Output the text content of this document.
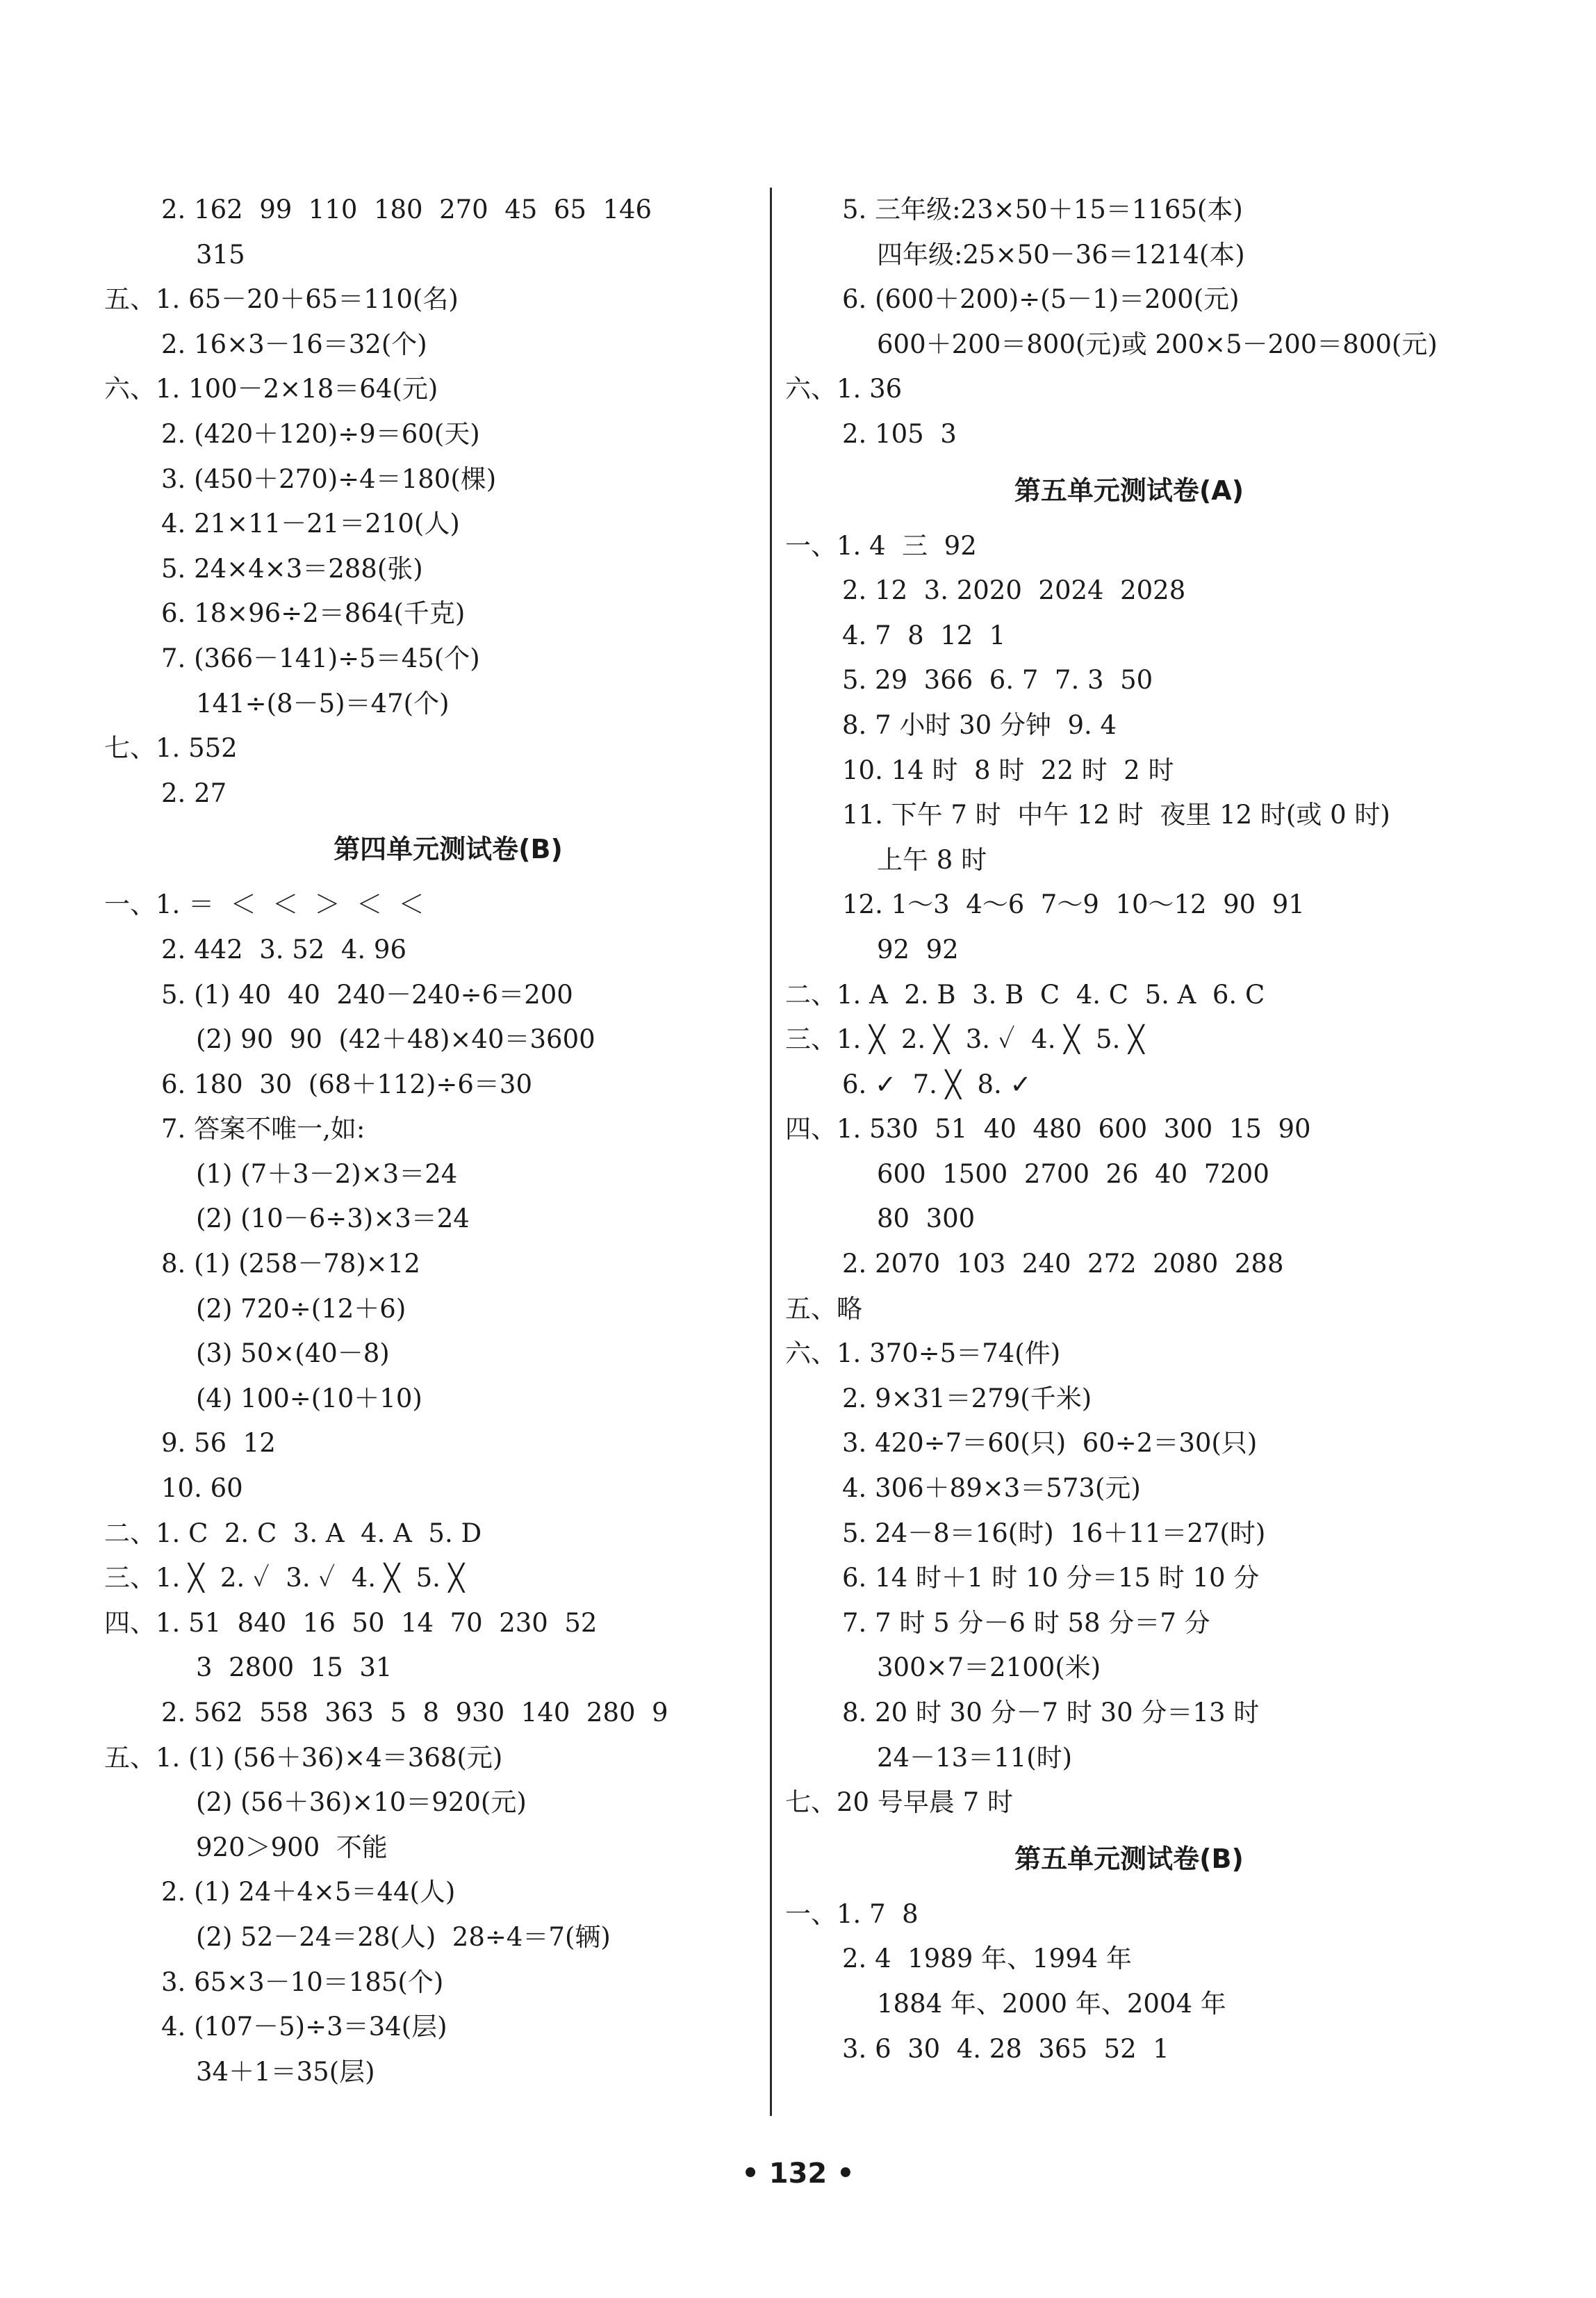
2. 162  99  110  180  270  45  65  146
315
五、1. 65－20＋65＝110(名)
2. 16×3－16＝32(个)
六、1. 100－2×18＝64(元)
2. (420＋120)÷9＝60(天)
3. (450＋270)÷4＝180(棵)
4. 21×11－21＝210(人)
5. 24×4×3＝288(张)
6. 18×96÷2＝864(千克)
7. (366－141)÷5＝45(个)
141÷(8－5)＝47(个)
七、1. 552
2. 27
第四单元测试卷(B)
一、1. ＝  ＜  ＜  ＞  ＜  ＜
2. 442  3. 52  4. 96
5. (1) 40  40  240－240÷6＝200
(2) 90  90  (42＋48)×40＝3600
6. 180  30  (68＋112)÷6＝30
7. 答案不唯一,如:
(1) (7＋3－2)×3＝24
(2) (10－6÷3)×3＝24
8. (1) (258－78)×12
(2) 720÷(12＋6)
(3) 50×(40－8)
(4) 100÷(10＋10)
9. 56  12
10. 60
二、1. C  2. C  3. A  4. A  5. D
三、1. ╳  2. ✓  3. ✓  4. ╳  5. ╳
四、1. 51  840  16  50  14  70  230  52
3  2800  15  31
2. 562  558  363  5  8  930  140  280  9
五、1. (1) (56＋36)×4＝368(元)
(2) (56＋36)×10＝920(元)
920＞900  不能
2. (1) 24＋4×5＝44(人)
(2) 52－24＝28(人)  28÷4＝7(辆)
3. 65×3－10＝185(个)
4. (107－5)÷3＝34(层)
34＋1＝35(层)
5. 三年级:23×50＋15＝1165(本)
四年级:25×50－36＝1214(本)
6. (600＋200)÷(5－1)＝200(元)
600＋200＝800(元)或 200×5－200＝800(元)
六、1. 36
2. 105  3
第五单元测试卷(A)
一、1. 4  三  92
2. 12  3. 2020  2024  2028
4. 7  8  12  1
5. 29  366  6. 7  7. 3  50
8. 7 小时 30 分钟  9. 4
10. 14 时  8 时  22 时  2 时
11. 下午 7 时  中午 12 时  夜里 12 时(或 0 时)
上午 8 时
12. 1～3  4～6  7～9  10～12  90  91
92  92
二、1. A  2. B  3. B  C  4. C  5. A  6. C
三、1. ╳  2. ╳  3. ✓  4. ╳  5. ╳
6. ✓  7. ╳  8. ✓
四、1. 530  51  40  480  600  300  15  90
600  1500  2700  26  40  7200
80  300
2. 2070  103  240  272  2080  288
五、略
六、1. 370÷5＝74(件)
2. 9×31＝279(千米)
3. 420÷7＝60(只)  60÷2＝30(只)
4. 306＋89×3＝573(元)
5. 24－8＝16(时)  16＋11＝27(时)
6. 14 时＋1 时 10 分＝15 时 10 分
7. 7 时 5 分－6 时 58 分＝7 分
300×7＝2100(米)
8. 20 时 30 分－7 时 30 分＝13 时
24－13＝11(时)
七、20 号早晨 7 时
第五单元测试卷(B)
一、1. 7  8
2. 4  1989 年、1994 年
1884 年、2000 年、2004 年
3. 6  30  4. 28  365  52  1
• 132 •
